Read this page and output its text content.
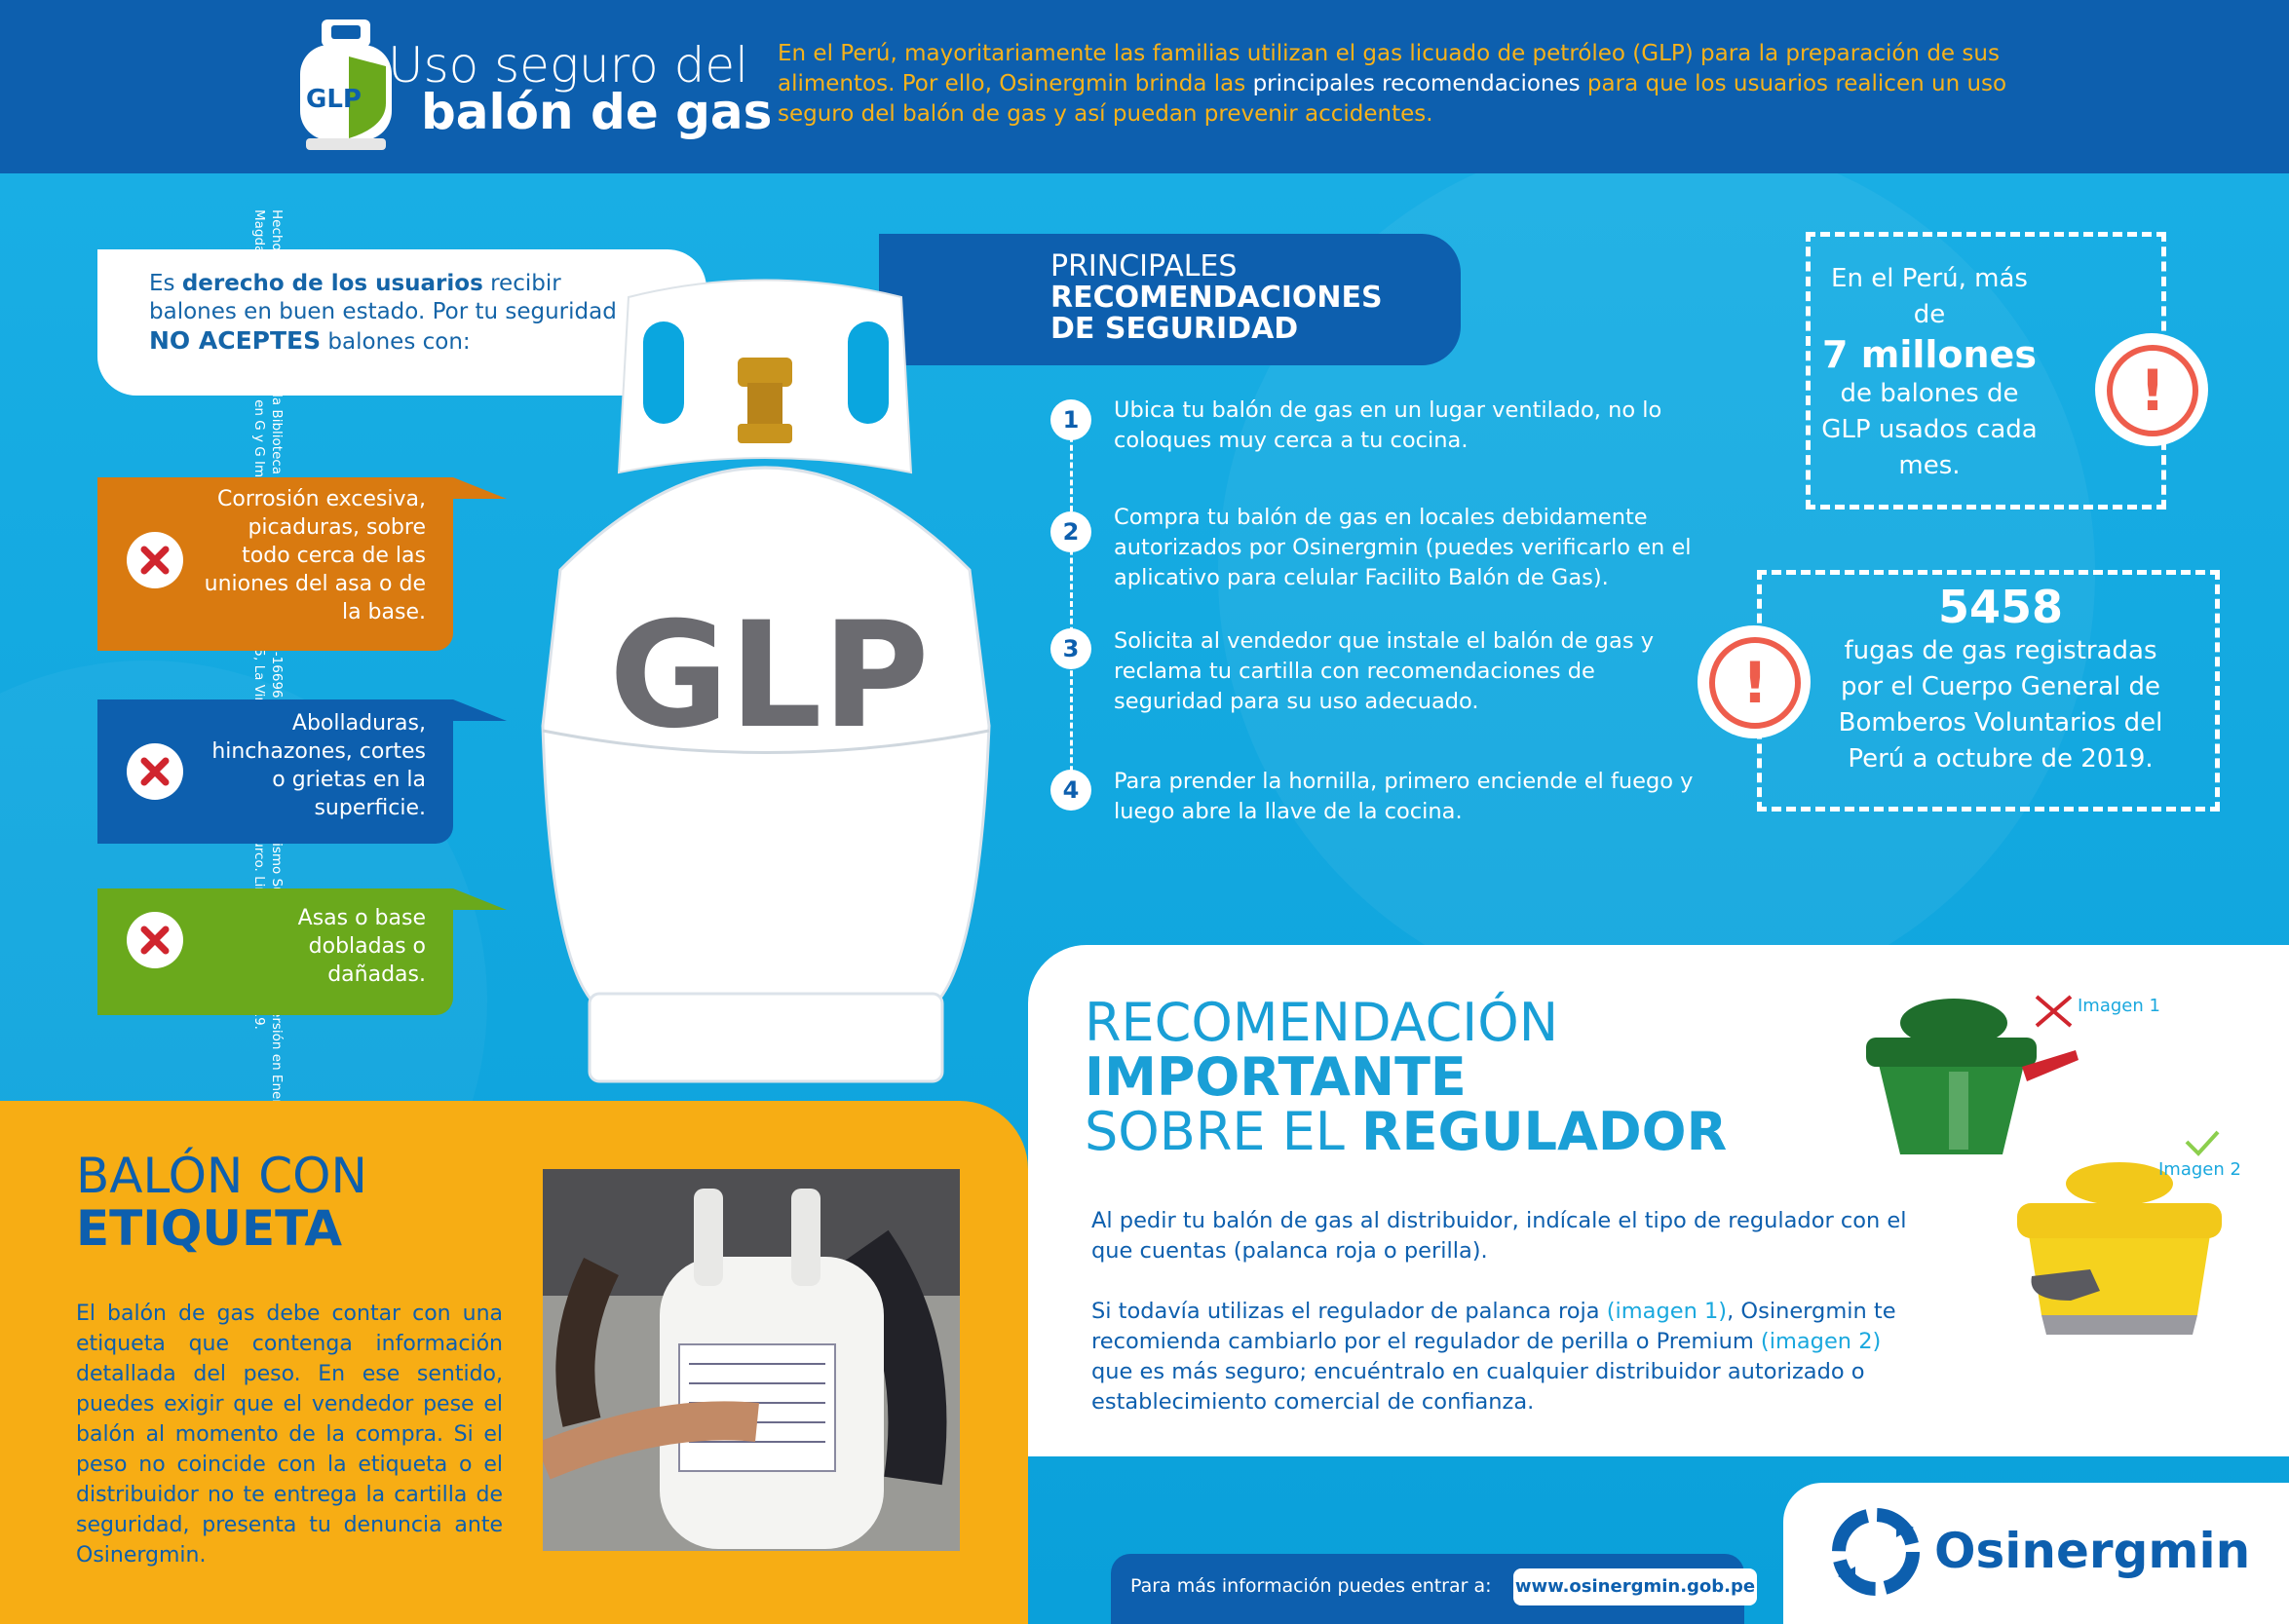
GLP
Uso seguro del
balón de gas
En el Perú, mayoritariamente las familias utilizan el gas licuado de petróleo (GLP) para la preparación de sus alimentos. Por ello, Osinergmin brinda las principales recomendaciones para que los usuarios realicen un uso seguro del balón de gas y así puedan prevenir accidentes.
Es derecho de los usuarios recibir balones en buen estado. Por tu seguridad NO ACEPTES balones con:
Corrosión excesiva, picaduras, sobre todo cerca de las uniones del asa o de la base.
Abolladuras, hinchazones, cortes o grietas en la superficie.
Asas o base dobladas o dañadas.
PRINCIPALES
RECOMENDACIONES
DE SEGURIDAD
GLP
1	Ubica tu balón de gas en un lugar ventilado, no lo coloques muy cerca a tu cocina.
2
Compra tu balón de gas en locales debidamente autorizados por Osinergmin (puedes verificarlo en el aplicativo para celular Facilito Balón de Gas).
3	Solicita al vendedor que instale el balón de gas y reclama tu cartilla con recomendaciones de seguridad para su uso adecuado.
4	Para prender la hornilla, primero enciende el fuego y luego abre la llave de la cocina.
En el Perú, más de
7 millones
de balones de GLP usados cada mes.
!
5458
fugas de gas registradas por el Cuerpo General de Bomberos Voluntarios del Perú a octubre de 2019.
!
BALÓN CON
ETIQUETA
El balón de gas debe contar con una etiqueta que contenga información detallada del peso. En ese sentido, puedes exigir que el vendedor pese el balón al momento de la compra. Si el peso no coincide con la etiqueta o el distribuidor no te entrega la cartilla de seguridad, presenta tu denuncia ante Osinergmin.
RECOMENDACIÓN
IMPORTANTE
SOBRE EL REGULADOR
Al pedir tu balón de gas al distribuidor, indícale el tipo de regulador con el que cuentas (palanca roja o perilla).
Si todavía utilizas el regulador de palanca roja (imagen 1), Osinergmin te recomienda cambiarlo por el regulador de perilla o Premium (imagen 2) que es más seguro; encuéntralo en cualquier distribuidor autorizado o establecimiento comercial de confianza.
Imagen 1
Imagen 2
Para más información puedes entrar a: www.osinergmin.gob.pe
Osinergmin
